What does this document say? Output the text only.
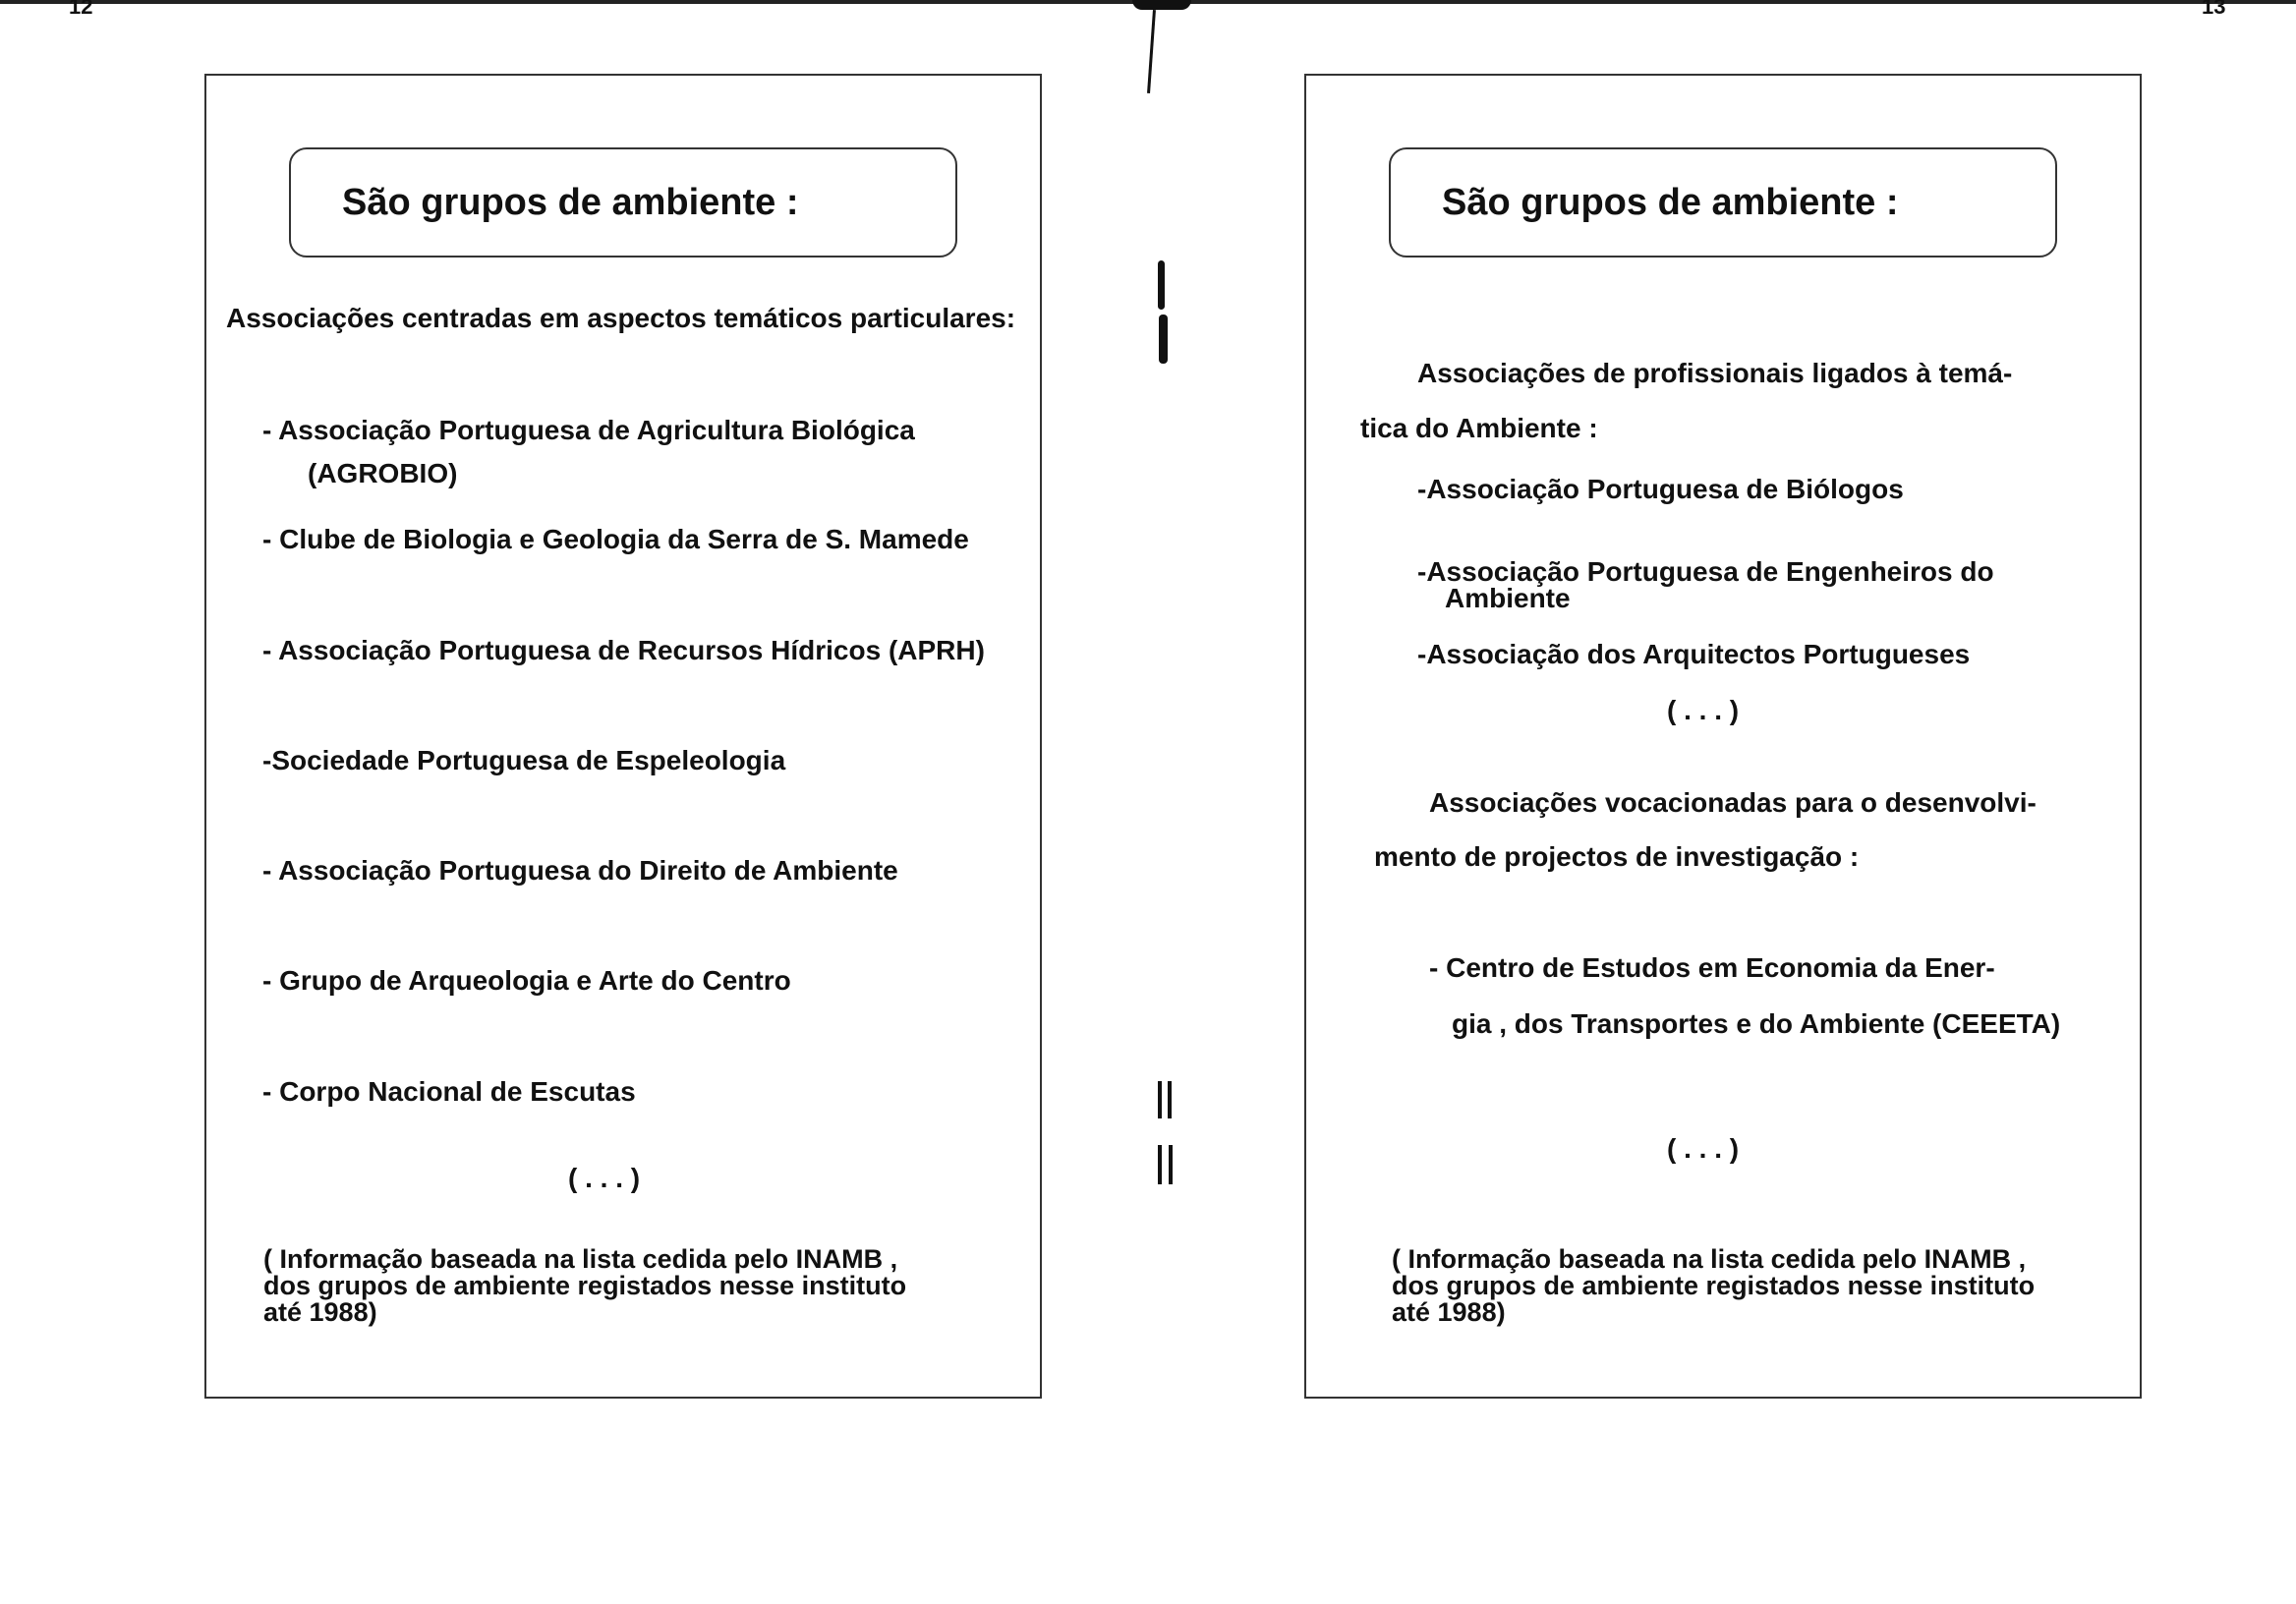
12	13
São grupos de ambiente :
Associações centradas em aspectos temáticos particulares:
- Associação Portuguesa de Agricultura Biológica
(AGROBIO)
- Clube de Biologia e Geologia da Serra de S. Mamede
- Associação Portuguesa de Recursos Hídricos (APRH)
-Sociedade Portuguesa de Espeleologia
- Associação Portuguesa do Direito de Ambiente
- Grupo de Arqueologia e Arte do Centro
- Corpo Nacional de Escutas
( . . . )
( Informação baseada na lista cedida pelo INAMB ,
dos grupos de ambiente registados nesse instituto
até 1988)
São grupos de ambiente :
Associações de profissionais ligados à temá-
tica do Ambiente :
-Associação Portuguesa de Biólogos
-Associação Portuguesa de Engenheiros do
Ambiente
-Associação dos Arquitectos Portugueses
( . . . )
Associações vocacionadas para o desenvolvi-
mento de projectos de investigação :
- Centro de Estudos em Economia da Ener-
gia , dos Transportes e do Ambiente (CEEETA)
( . . . )
( Informação baseada na lista cedida pelo INAMB ,
dos grupos de ambiente registados nesse instituto
até 1988)
